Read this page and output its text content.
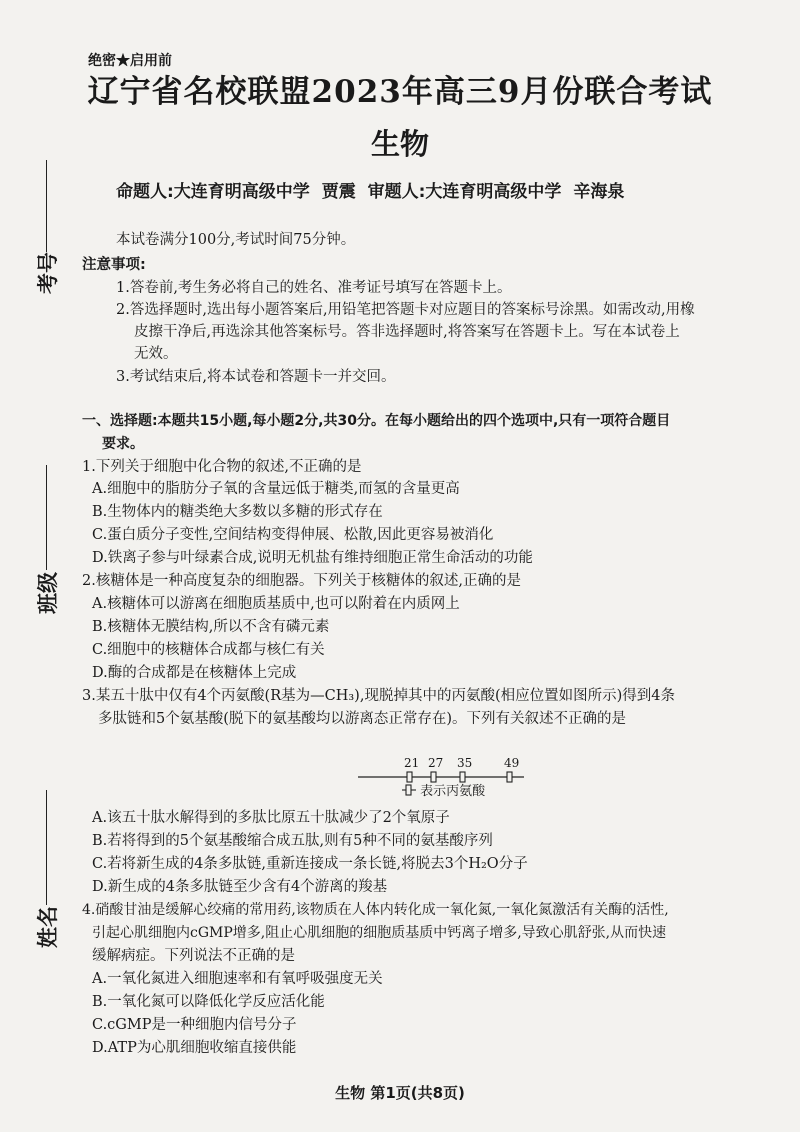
绝密★启用前
辽宁省名校联盟2023年高三9月份联合考试
生物
命题人:大连育明高级中学 贾震 审题人:大连育明高级中学 辛海泉
考号
班级
姓名
本试卷满分100分,考试时间75分钟。
注意事项:
1.答卷前,考生务必将自己的姓名、准考证号填写在答题卡上。
2.答选择题时,选出每小题答案后,用铅笔把答题卡对应题目的答案标号涂黑。如需改动,用橡
皮擦干净后,再选涂其他答案标号。答非选择题时,将答案写在答题卡上。写在本试卷上
无效。
3.考试结束后,将本试卷和答题卡一并交回。
一、选择题:本题共15小题,每小题2分,共30分。在每小题给出的四个选项中,只有一项符合题目
要求。
1.下列关于细胞中化合物的叙述,不正确的是
A.细胞中的脂肪分子氧的含量远低于糖类,而氢的含量更高
B.生物体内的糖类绝大多数以多糖的形式存在
C.蛋白质分子变性,空间结构变得伸展、松散,因此更容易被消化
D.铁离子参与叶绿素合成,说明无机盐有维持细胞正常生命活动的功能
2.核糖体是一种高度复杂的细胞器。下列关于核糖体的叙述,正确的是
A.核糖体可以游离在细胞质基质中,也可以附着在内质网上
B.核糖体无膜结构,所以不含有磷元素
C.细胞中的核糖体合成都与核仁有关
D.酶的合成都是在核糖体上完成
3.某五十肽中仅有4个丙氨酸(R基为—CH₃),现脱掉其中的丙氨酸(相应位置如图所示)得到4条
多肽链和5个氨基酸(脱下的氨基酸均以游离态正常存在)。下列有关叙述不正确的是
21 27 35	49
表示丙氨酸
A.该五十肽水解得到的多肽比原五十肽减少了2个氧原子
B.若将得到的5个氨基酸缩合成五肽,则有5种不同的氨基酸序列
C.若将新生成的4条多肽链,重新连接成一条长链,将脱去3个H₂O分子
D.新生成的4条多肽链至少含有4个游离的羧基
4.硝酸甘油是缓解心绞痛的常用药,该物质在人体内转化成一氧化氮,一氧化氮激活有关酶的活性,
引起心肌细胞内cGMP增多,阻止心肌细胞的细胞质基质中钙离子增多,导致心肌舒张,从而快速
缓解病症。下列说法不正确的是
A.一氧化氮进入细胞速率和有氧呼吸强度无关
B.一氧化氮可以降低化学反应活化能
C.cGMP是一种细胞内信号分子
D.ATP为心肌细胞收缩直接供能
生物 第1页(共8页)
